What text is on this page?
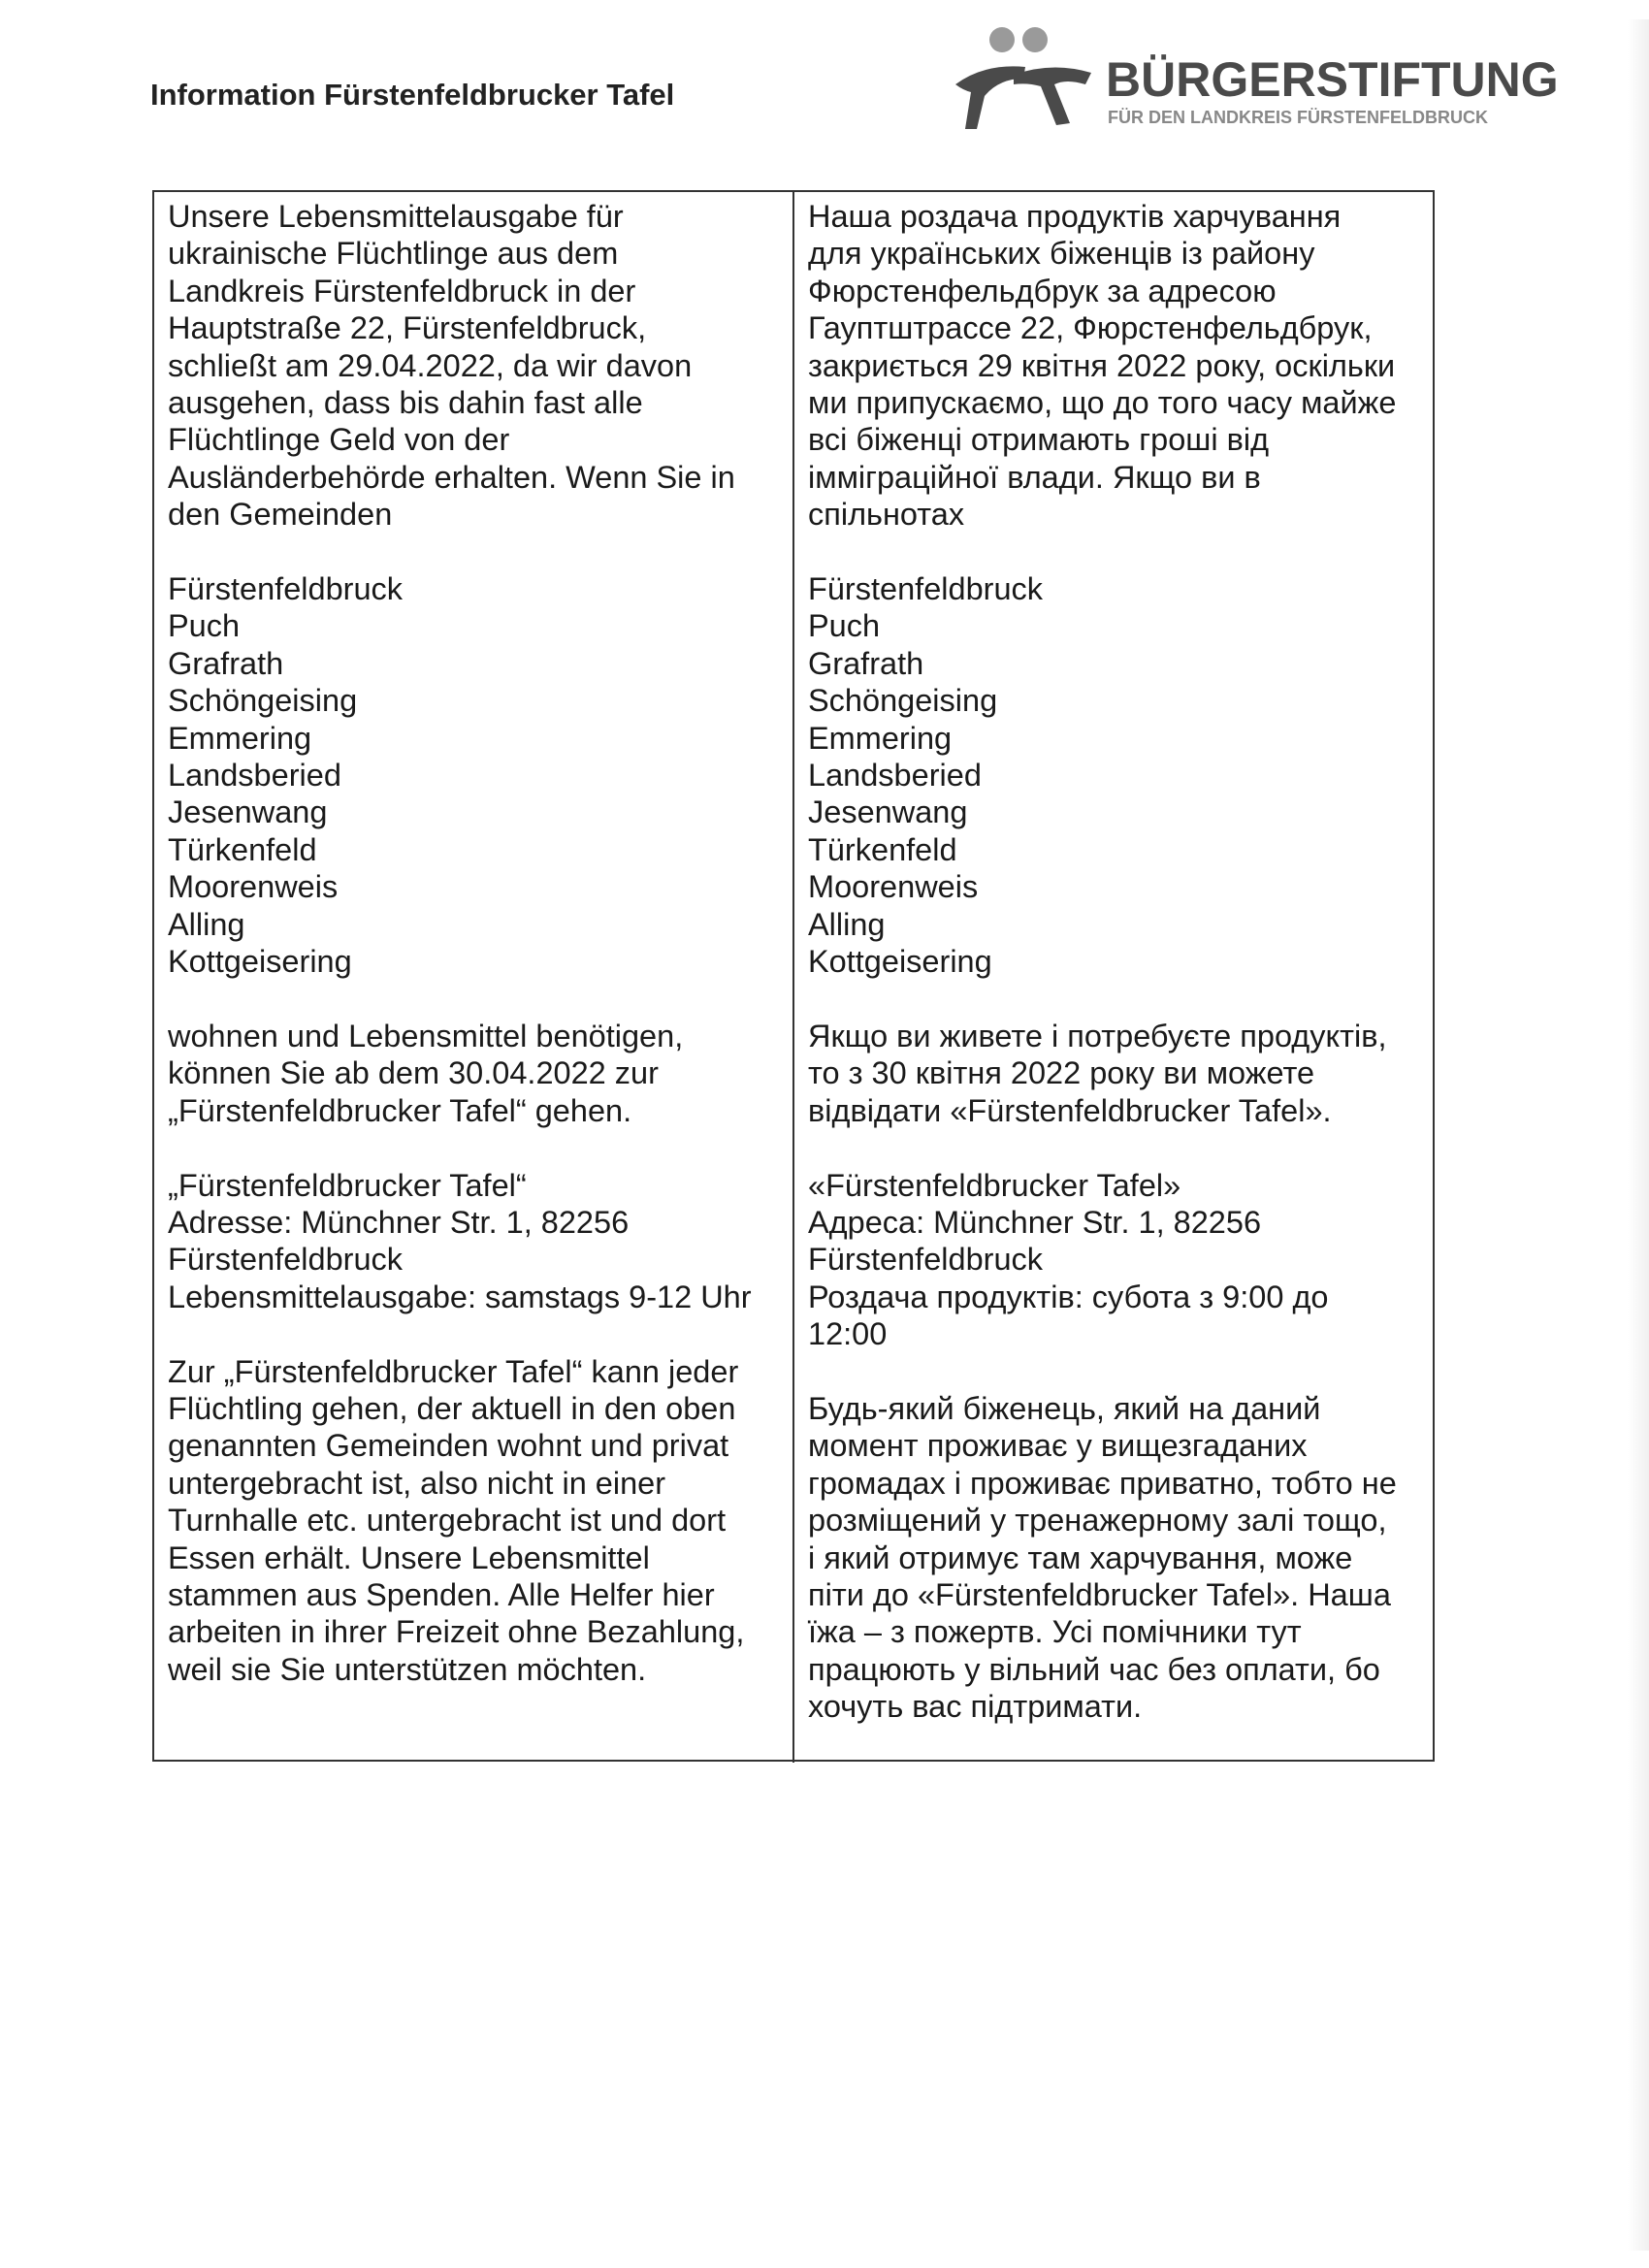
Information Fürstenfeldbrucker Tafel	BÜRGERSTIFTUNG
FÜR DEN LANDKREIS FÜRSTENFELDBRUCK

Unsere Lebensmittelausgabe für
ukrainische Flüchtlinge aus dem
Landkreis Fürstenfeldbruck in der
Hauptstraße 22, Fürstenfeldbruck,
schließt am 29.04.2022, da wir davon
ausgehen, dass bis dahin fast alle
Flüchtlinge Geld von der
Ausländerbehörde erhalten. Wenn Sie in
den Gemeinden

Fürstenfeldbruck
Puch
Grafrath
Schöngeising
Emmering
Landsberied
Jesenwang
Türkenfeld
Moorenweis
Alling
Kottgeisering

wohnen und Lebensmittel benötigen,
können Sie ab dem 30.04.2022 zur
„Fürstenfeldbrucker Tafel“ gehen.

„Fürstenfeldbrucker Tafel“
Adresse: Münchner Str. 1, 82256
Fürstenfeldbruck
Lebensmittelausgabe: samstags 9-12 Uhr

Zur „Fürstenfeldbrucker Tafel“ kann jeder
Flüchtling gehen, der aktuell in den oben
genannten Gemeinden wohnt und privat
untergebracht ist, also nicht in einer
Turnhalle etc. untergebracht ist und dort
Essen erhält. Unsere Lebensmittel
stammen aus Spenden. Alle Helfer hier
arbeiten in ihrer Freizeit ohne Bezahlung,
weil sie Sie unterstützen möchten.

Наша роздача продуктів харчування
для українських біженців із району
Фюрстенфельдбрук за адресою
Гауптштрассе 22, Фюрстенфельдбрук,
закриється 29 квітня 2022 року, оскільки
ми припускаємо, що до того часу майже
всі біженці отримають гроші від
імміграційної влади. Якщо ви в
спільнотах

Fürstenfeldbruck
Puch
Grafrath
Schöngeising
Emmering
Landsberied
Jesenwang
Türkenfeld
Moorenweis
Alling
Kottgeisering

Якщо ви живете і потребуєте продуктів,
то з 30 квітня 2022 року ви можете
відвідати «Fürstenfeldbrucker Tafel».

«Fürstenfeldbrucker Tafel»
Адреса: Münchner Str. 1, 82256
Fürstenfeldbruck
Роздача продуктів: субота з 9:00 до
12:00

Будь-який біженець, який на даний
момент проживає у вищезгаданих
громадах і проживає приватно, тобто не
розміщений у тренажерному залі тощо,
і який отримує там харчування, може
піти до «Fürstenfeldbrucker Tafel». Наша
їжа – з пожертв. Усі помічники тут
працюють у вільний час без оплати, бо
хочуть вас підтримати.
